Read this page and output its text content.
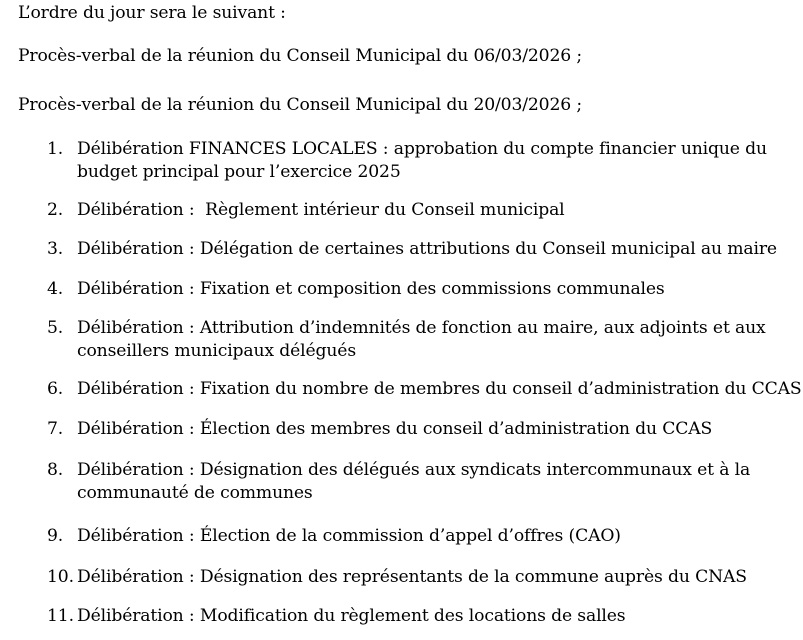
L’ordre du jour sera le suivant :

Procès-verbal de la réunion du Conseil Municipal du 06/03/2026 ;

Procès-verbal de la réunion du Conseil Municipal du 20/03/2026 ;

1. Délibération FINANCES LOCALES : approbation du compte financier unique du
budget principal pour l’exercice 2025
2. Délibération :  Règlement intérieur du Conseil municipal
3. Délibération : Délégation de certaines attributions du Conseil municipal au maire
4. Délibération : Fixation et composition des commissions communales
5. Délibération : Attribution d’indemnités de fonction au maire, aux adjoints et aux
conseillers municipaux délégués
6. Délibération : Fixation du nombre de membres du conseil d’administration du CCAS
7. Délibération : Élection des membres du conseil d’administration du CCAS
8. Délibération : Désignation des délégués aux syndicats intercommunaux et à la
communauté de communes
9. Délibération : Élection de la commission d’appel d’offres (CAO)
10. Délibération : Désignation des représentants de la commune auprès du CNAS
11. Délibération : Modification du règlement des locations de salles
